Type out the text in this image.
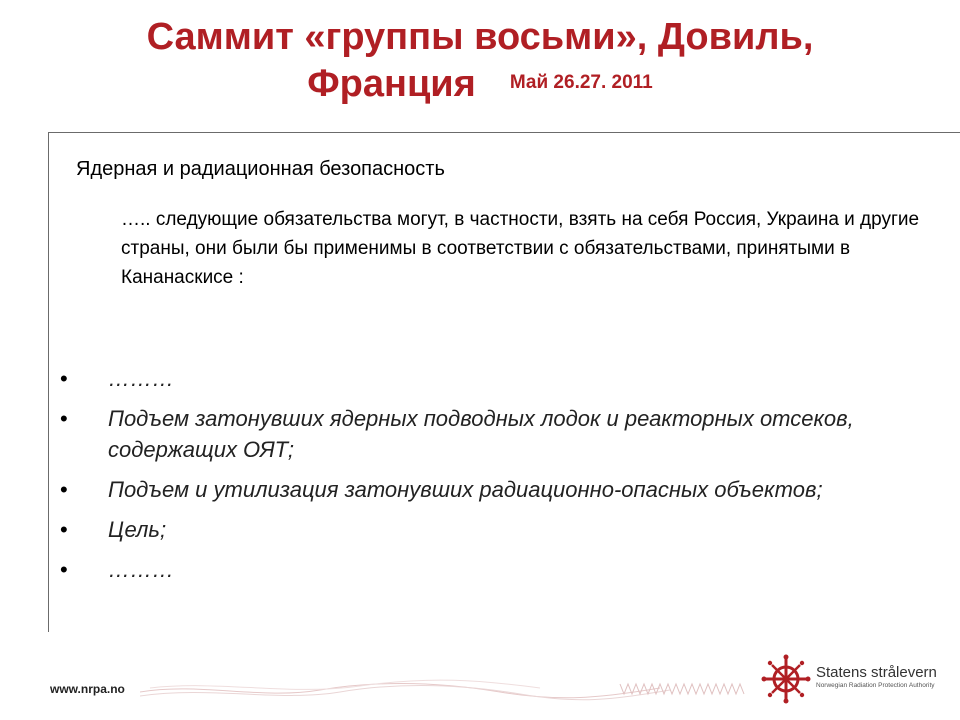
Саммит «группы восьми», Довиль,
Франция $^{Май 26.27. 2011}$
Ядерная и радиационная безопасность

….. следующие обязательства могут, в частности, взять на себя Россия, Украина и другие страны, они были бы применимы в соответствии с обязательствами, принятыми в Кананаскисе :

• ………
• Подъем затонувших ядерных подводных лодок и реакторных отсеков, содержащих ОЯТ;
• Подъем и утилизация затонувших радиационно-опасных объектов;
• Цель;
• ………
www.nrpa.no
Statens strålevern
Norwegian Radiation Protection Authority
